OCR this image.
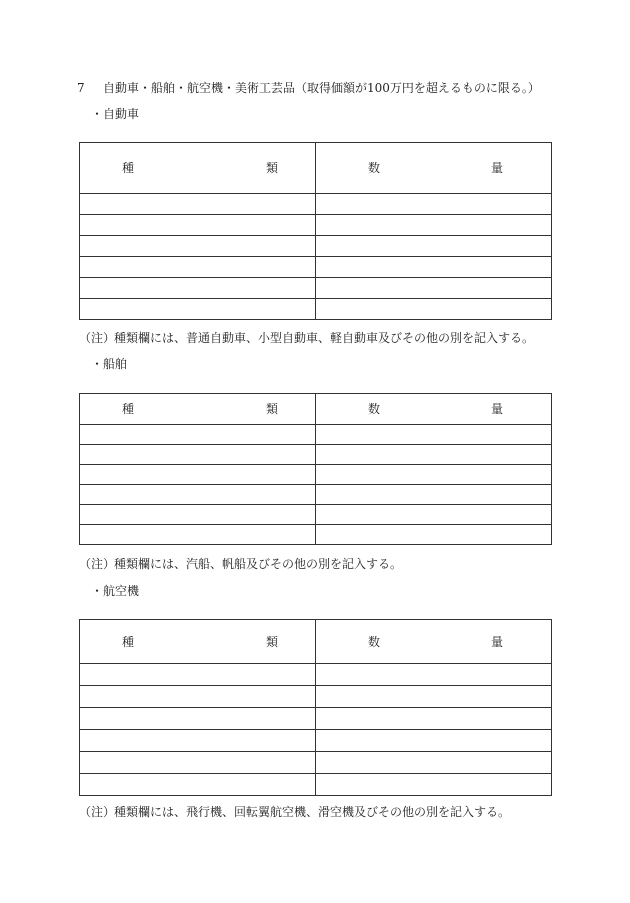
7 自動車・船舶・航空機・美術工芸品（取得価額が100万円を超えるものに限る。）
・自動車
種 類	数 量

（注）
種類欄には、普通自動車、小型自動車、軽自動車及びその他の別を記入する。
・船舶
種 類	数 量

（注）
種類欄には、汽船、帆船及びその他の別を記入する。
・航空機
種 類	数 量

（注）
種類欄には、飛行機、回転翼航空機、滑空機及びその他の別を記入する。
